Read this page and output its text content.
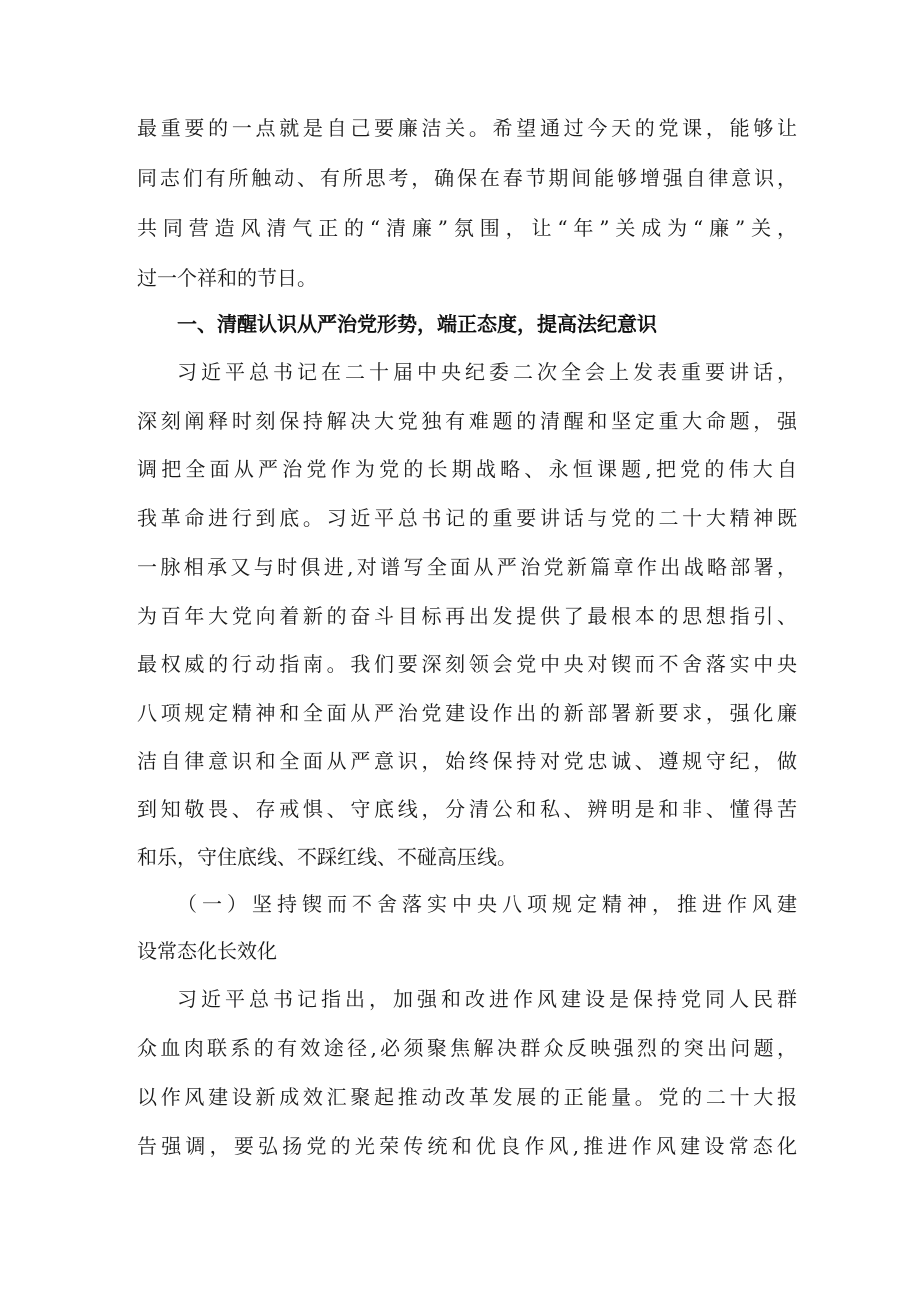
最重要的一点就是自己要廉洁关。希望通过今天的党课，能够让
同志们有所触动、有所思考，确保在春节期间能够增强自律意识，
共同营造风清气正的“清廉”氛围，让“年”关成为“廉”关，
过一个祥和的节日。
一、清醒认识从严治党形势，端正态度，提高法纪意识
习近平总书记在二十届中央纪委二次全会上发表重要讲话，
深刻阐释时刻保持解决大党独有难题的清醒和坚定重大命题，强
调把全面从严治党作为党的长期战略、永恒课题,把党的伟大自
我革命进行到底。习近平总书记的重要讲话与党的二十大精神既
一脉相承又与时俱进,对谱写全面从严治党新篇章作出战略部署，
为百年大党向着新的奋斗目标再出发提供了最根本的思想指引、
最权威的行动指南。我们要深刻领会党中央对锲而不舍落实中央
八项规定精神和全面从严治党建设作出的新部署新要求，强化廉
洁自律意识和全面从严意识，始终保持对党忠诚、遵规守纪，做
到知敬畏、存戒惧、守底线，分清公和私、辨明是和非、懂得苦
和乐，守住底线、不踩红线、不碰高压线。
（一）坚持锲而不舍落实中央八项规定精神，推进作风建
设常态化长效化
习近平总书记指出，加强和改进作风建设是保持党同人民群
众血肉联系的有效途径,必须聚焦解决群众反映强烈的突出问题，
以作风建设新成效汇聚起推动改革发展的正能量。党的二十大报
告强调，要弘扬党的光荣传统和优良作风,推进作风建设常态化
